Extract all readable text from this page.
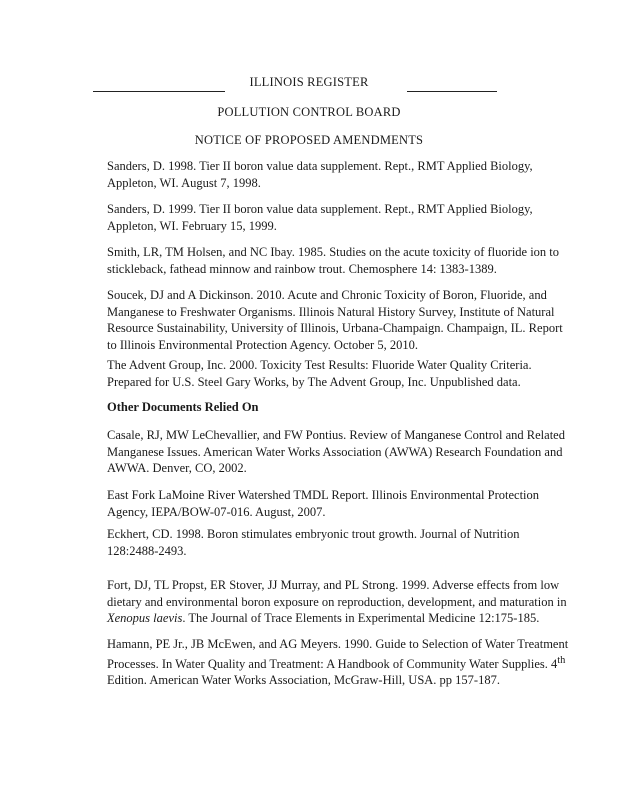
ILLINOIS REGISTER
POLLUTION CONTROL BOARD
NOTICE OF PROPOSED AMENDMENTS
Sanders, D. 1998. Tier II boron value data supplement. Rept., RMT Applied Biology, Appleton, WI. August 7, 1998.
Sanders, D. 1999. Tier II boron value data supplement. Rept., RMT Applied Biology, Appleton, WI. February 15, 1999.
Smith, LR, TM Holsen, and NC Ibay. 1985. Studies on the acute toxicity of fluoride ion to stickleback, fathead minnow and rainbow trout. Chemosphere 14: 1383-1389.
Soucek, DJ and A Dickinson. 2010. Acute and Chronic Toxicity of Boron, Fluoride, and Manganese to Freshwater Organisms. Illinois Natural History Survey, Institute of Natural Resource Sustainability, University of Illinois, Urbana-Champaign. Champaign, IL. Report to Illinois Environmental Protection Agency. October 5, 2010.
The Advent Group, Inc. 2000. Toxicity Test Results: Fluoride Water Quality Criteria. Prepared for U.S. Steel Gary Works, by The Advent Group, Inc. Unpublished data.
Other Documents Relied On
Casale, RJ, MW LeChevallier, and FW Pontius. Review of Manganese Control and Related Manganese Issues. American Water Works Association (AWWA) Research Foundation and AWWA. Denver, CO, 2002.
East Fork LaMoine River Watershed TMDL Report. Illinois Environmental Protection Agency, IEPA/BOW-07-016. August, 2007.
Eckhert, CD. 1998. Boron stimulates embryonic trout growth. Journal of Nutrition 128:2488-2493.
Fort, DJ, TL Propst, ER Stover, JJ Murray, and PL Strong. 1999. Adverse effects from low dietary and environmental boron exposure on reproduction, development, and maturation in Xenopus laevis. The Journal of Trace Elements in Experimental Medicine 12:175-185.
Hamann, PE Jr., JB McEwen, and AG Meyers. 1990. Guide to Selection of Water Treatment Processes. In Water Quality and Treatment: A Handbook of Community Water Supplies. 4th Edition. American Water Works Association, McGraw-Hill, USA. pp 157-187.
